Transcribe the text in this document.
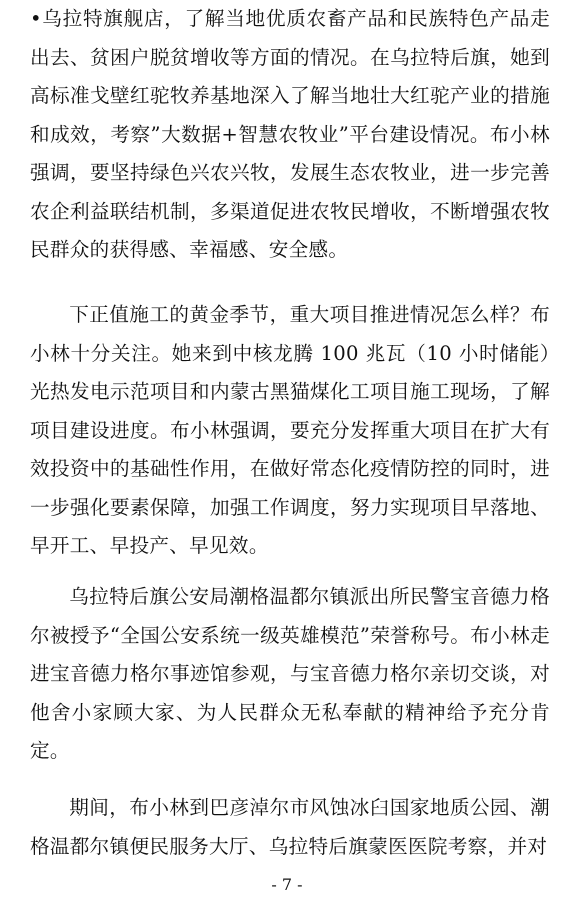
•乌拉特旗舰店，了解当地优质农畜产品和民族特色产品走出去、贫困户脱贫增收等方面的情况。在乌拉特后旗，她到高标准戈壁红驼牧养基地深入了解当地壮大红驼产业的措施和成效，考察”大数据+智慧农牧业”平台建设情况。布小林强调，要坚持绿色兴农兴牧，发展生态农牧业，进一步完善农企利益联结机制，多渠道促进农牧民增收，不断增强农牧民群众的获得感、幸福感、安全感。

下正值施工的黄金季节，重大项目推进情况怎么样？布小林十分关注。她来到中核龙腾 100 兆瓦（10 小时储能）光热发电示范项目和内蒙古黑猫煤化工项目施工现场，了解项目建设进度。布小林强调，要充分发挥重大项目在扩大有效投资中的基础性作用，在做好常态化疫情防控的同时，进一步强化要素保障，加强工作调度，努力实现项目早落地、早开工、早投产、早见效。

乌拉特后旗公安局潮格温都尔镇派出所民警宝音德力格尔被授予“全国公安系统一级英雄模范”荣誉称号。布小林走进宝音德力格尔事迹馆参观，与宝音德力格尔亲切交谈，对他舍小家顾大家、为人民群众无私奉献的精神给予充分肯定。

期间，布小林到巴彦淖尔市风蚀冰臼国家地质公园、潮格温都尔镇便民服务大厅、乌拉特后旗蒙医医院考察，并对

- 7 -
